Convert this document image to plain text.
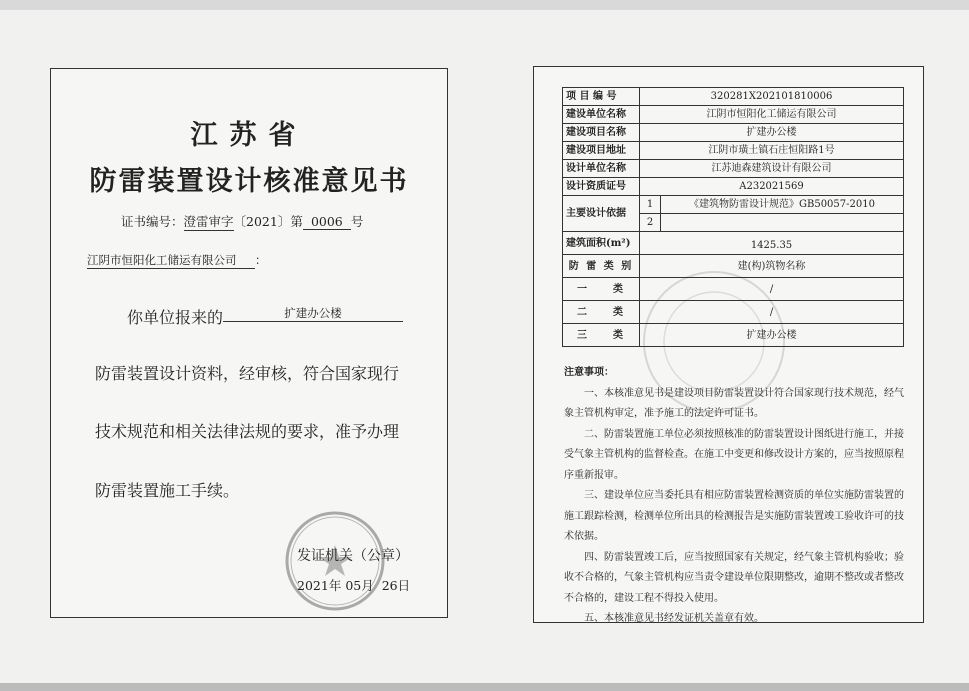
江苏省
防雷装置设计核准意见书
证书编号：澄雷审字〔2021〕第 0006 号
江阴市恒阳化工储运有限公司 ：
你单位报来的	扩建办公楼
防雷装置设计资料，经审核，符合国家现行
技术规范和相关法律法规的要求，准予办理
防雷装置施工手续。
发证机关（公章）
2021年 05月 26日
项 目 编 号	320281X202101810006	
建设单位名称	江阴市恒阳化工储运有限公司	
建设项目名称	扩建办公楼	
建设项目地址	江阴市璜土镇石庄恒阳路1号	
设计单位名称	江苏迪森建筑设计有限公司	
设计资质证号	A232021569	
主要设计依据	1	《建筑物防雷设计规范》GB50057-2010
	2	
建筑面积(m²)	1425.35	
防 雷 类 别	建(构)筑物名称	
一　　类	/	
二　　类	/	
三　　类	扩建办公楼	
注意事项：

一、本核准意见书是建设项目防雷装置设计符合国家现行技术规范，经气象主管机构审定，准予施工的法定许可证书。

二、防雷装置施工单位必须按照核准的防雷装置设计图纸进行施工，并接受气象主管机构的监督检查。在施工中变更和修改设计方案的，应当按照原程序重新报审。

三、建设单位应当委托具有相应防雷装置检测资质的单位实施防雷装置的施工跟踪检测，检测单位所出具的检测报告是实施防雷装置竣工验收许可的技术依据。

四、防雷装置竣工后，应当按照国家有关规定，经气象主管机构验收；验收不合格的，气象主管机构应当责令建设单位限期整改，逾期不整改或者整改不合格的，建设工程不得投入使用。

五、本核准意见书经发证机关盖章有效。
